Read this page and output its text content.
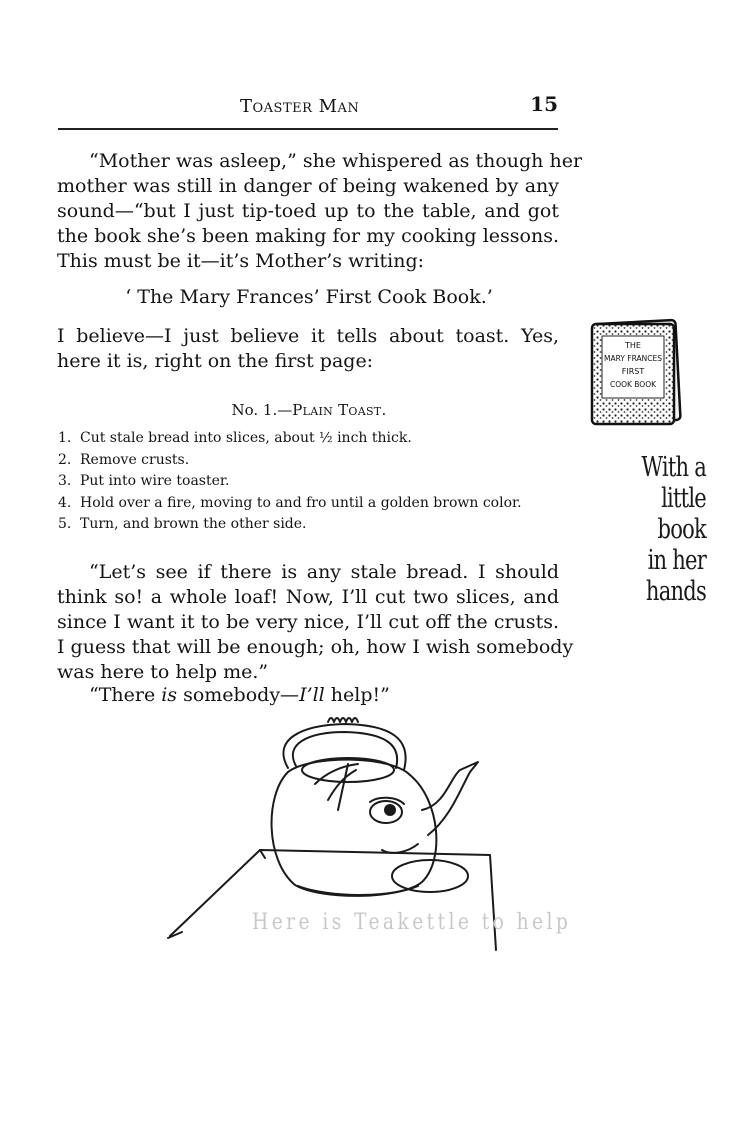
Toaster Man	15

“Mother was asleep,” she whispered as though her
mother was still in danger of being wakened by any
sound—“but I just tip-toed up to the table, and got
the book she’s been making for my cooking lessons.
This must be it—it’s Mother’s writing:

‘ The Mary Frances’ First Cook Book.’

I believe—I just believe it tells about toast. Yes,
here it is, right on the first page:

No. 1.—Plain Toast.
1. Cut stale bread into slices, about ½ inch thick.
2. Remove crusts.
3. Put into wire toaster.
4. Hold over a fire, moving to and fro until a golden brown color.
5. Turn, and brown the other side.

“Let’s see if there is any stale bread. I should
think so! a whole loaf! Now, I’ll cut two slices, and
since I want it to be very nice, I’ll cut off the crusts.
I guess that will be enough; oh, how I wish somebody
was here to help me.”

“There is somebody—I’ll help!”

THE
MARY FRANCES
FIRST
COOK BOOK
With a
little
book
in her
hands
Here is Teakettle to help
